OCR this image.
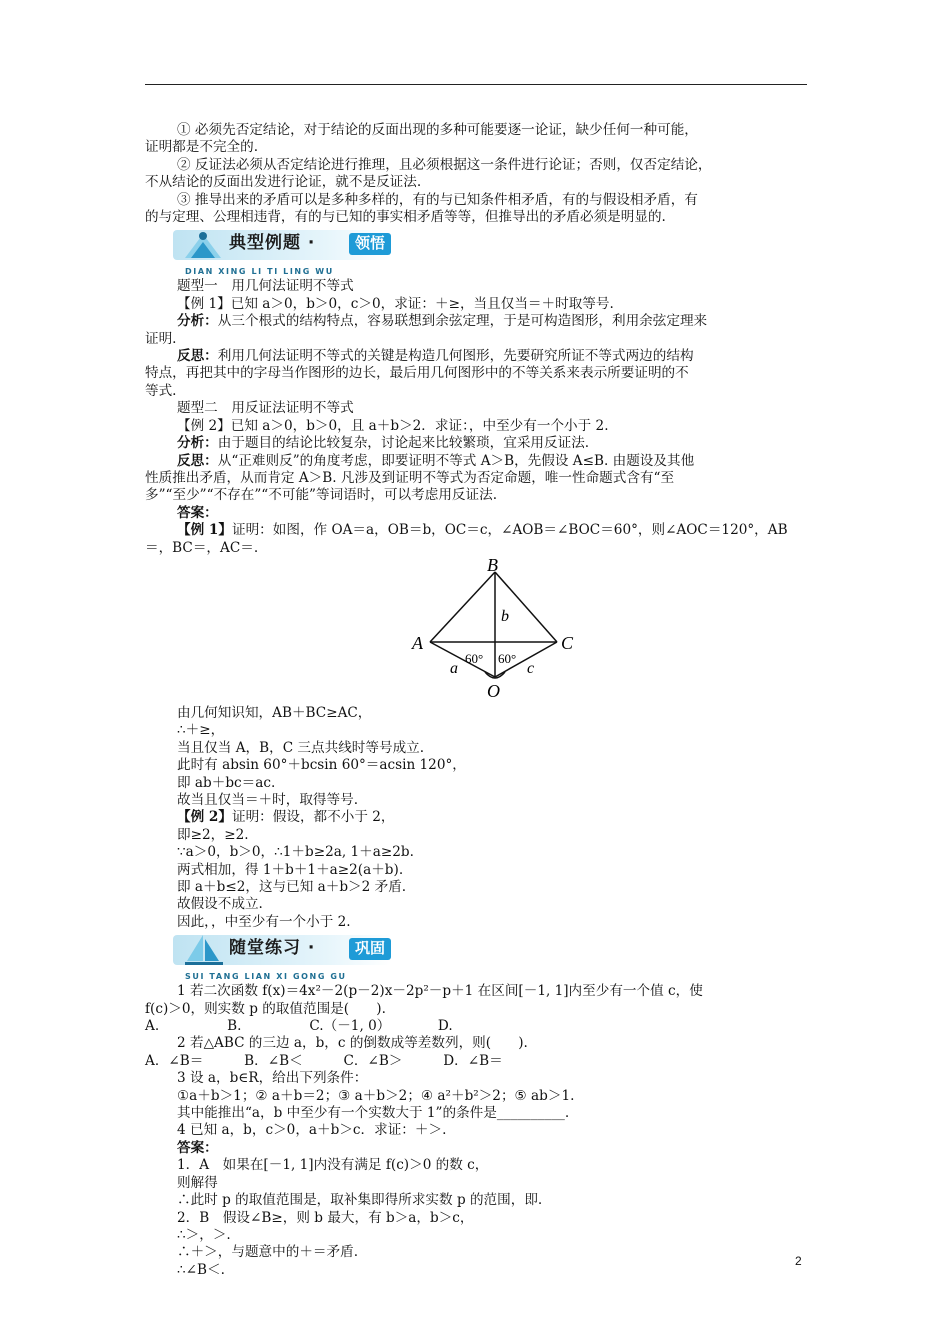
① 必须先否定结论，对于结论的反面出现的多种可能要逐一论证，缺少任何一种可能，

证明都是不完全的.

② 反证法必须从否定结论进行推理，且必须根据这一条件进行论证；否则，仅否定结论，

不从结论的反面出发进行论证，就不是反证法.

③ 推导出来的矛盾可以是多种多样的，有的与已知条件相矛盾，有的与假设相矛盾，有

的与定理、公理相违背，有的与已知的事实相矛盾等等，但推导出的矛盾必须是明显的.

典型例题 ·	领悟
DIAN XING LI TI LING WU

题型一　用几何法证明不等式

【例 1】已知 a＞0，b＞0，c＞0，求证：＋≥，当且仅当＝＋时取等号.

分析：从三个根式的结构特点，容易联想到余弦定理，于是可构造图形，利用余弦定理来

证明.

反思：利用几何法证明不等式的关键是构造几何图形，先要研究所证不等式两边的结构

特点，再把其中的字母当作图形的边长，最后用几何图形中的不等关系来表示所要证明的不

等式.

题型二　用反证法证明不等式

【例 2】已知 a＞0，b＞0，且 a＋b＞2．求证：，中至少有一个小于 2.

分析：由于题目的结论比较复杂，讨论起来比较繁琐，宜采用反证法.

反思：从“正难则反”的角度考虑，即要证明不等式 A＞B，先假设 A≤B. 由题设及其他

性质推出矛盾，从而肯定 A＞B. 凡涉及到证明不等式为否定命题，唯一性命题式含有“至

多”“至少”“不存在”“不可能”等词语时，可以考虑用反证法.

答案：

【例 1】证明：如图，作 OA＝a，OB＝b，OC＝c，∠AOB＝∠BOC＝60°，则∠AOC＝120°，AB

＝，BC＝，AC＝.

B
A	C
O
b
a	c
60° 60°

由几何知识知，AB＋BC≥AC，

∴＋≥，

当且仅当 A，B，C 三点共线时等号成立.

此时有 absin 60°＋bcsin 60°＝acsin 120°，

即 ab＋bc＝ac.

故当且仅当＝＋时，取得等号.

【例 2】证明：假设，都不小于 2，

即≥2，≥2.

∵a＞0，b＞0，∴1＋b≥2a, 1＋a≥2b.

两式相加，得 1＋b＋1＋a≥2(a＋b).

即 a＋b≤2，这与已知 a＋b＞2 矛盾.

故假设不成立.

因此，，中至少有一个小于 2.

随堂练习 ·	巩固
SUI TANG LIAN XI GONG GU

1 若二次函数 f(x)＝4x²－2(p－2)x－2p²－p＋1 在区间[－1, 1]内至少有一个值 c，使

f(c)＞0，则实数 p 的取值范围是(　　).

A.　　　　　B.　　　　　C.（－1, 0）　　　　D.

2 若△ABC 的三边 a，b，c 的倒数成等差数列，则(　　).

A．∠B＝　　　B．∠B＜　　　C．∠B＞　　　D．∠B＝

3 设 a，b∈R，给出下列条件：

①a＋b＞1；② a＋b＝2；③ a＋b＞2；④ a²＋b²＞2；⑤ ab＞1.

其中能推出“a，b 中至少有一个实数大于 1”的条件是__________.

4 已知 a，b，c＞0，a＋b＞c．求证：＋＞.

答案：

1．A　如果在[－1, 1]内没有满足 f(c)＞0 的数 c，

则解得

∴此时 p 的取值范围是，取补集即得所求实数 p 的范围，即.

2．B　假设∠B≥，则 b 最大，有 b＞a，b＞c，

∴＞，＞.

∴＋＞，与题意中的＋＝矛盾.

∴∠B＜.

2
